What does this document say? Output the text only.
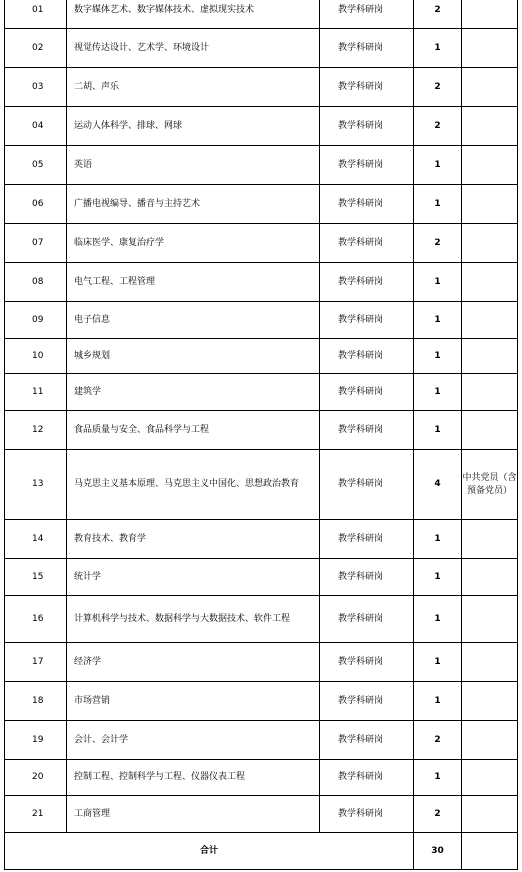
01	数字媒体艺术、数字媒体技术、虚拟现实技术	教学科研岗	2	
02	视觉传达设计、艺术学、环境设计	教学科研岗	1	
03	二胡、声乐	教学科研岗	2	
04	运动人体科学、排球、网球	教学科研岗	2	
05	英语	教学科研岗	1	
06	广播电视编导、播音与主持艺术	教学科研岗	1	
07	临床医学、康复治疗学	教学科研岗	2	
08	电气工程、工程管理	教学科研岗	1	
09	电子信息	教学科研岗	1	
10	城乡规划	教学科研岗	1	
11	建筑学	教学科研岗	1	
12	食品质量与安全、食品科学与工程	教学科研岗	1	
13	马克思主义基本原理、马克思主义中国化、思想政治教育	教学科研岗	4	中共党员（含预备党员）
14	教育技术、教育学	教学科研岗	1	
15	统计学	教学科研岗	1	
16	计算机科学与技术、数据科学与大数据技术、软件工程	教学科研岗	1	
17	经济学	教学科研岗	1	
18	市场营销	教学科研岗	1	
19	会计、会计学	教学科研岗	2	
20	控制工程、控制科学与工程、仪器仪表工程	教学科研岗	1	
21	工商管理	教学科研岗	2	
合计			30	
